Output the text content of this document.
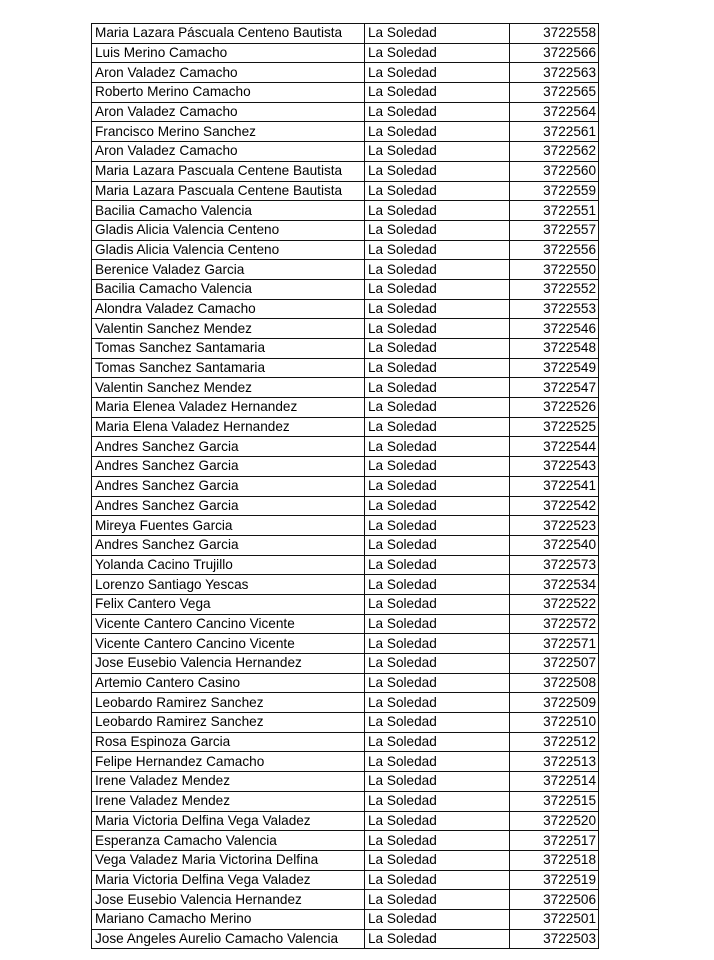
Maria Lazara Páscuala Centeno Bautista	La Soledad	3722558
Luis Merino Camacho	La Soledad	3722566
Aron Valadez Camacho	La Soledad	3722563
Roberto Merino Camacho	La Soledad	3722565
Aron Valadez Camacho	La Soledad	3722564
Francisco Merino Sanchez	La Soledad	3722561
Aron Valadez Camacho	La Soledad	3722562
Maria Lazara Pascuala Centene Bautista	La Soledad	3722560
Maria Lazara Pascuala Centene Bautista	La Soledad	3722559
Bacilia Camacho Valencia	La Soledad	3722551
Gladis Alicia Valencia Centeno	La Soledad	3722557
Gladis Alicia Valencia Centeno	La Soledad	3722556
Berenice Valadez Garcia	La Soledad	3722550
Bacilia Camacho Valencia	La Soledad	3722552
Alondra Valadez Camacho	La Soledad	3722553
Valentin Sanchez Mendez	La Soledad	3722546
Tomas Sanchez Santamaria	La Soledad	3722548
Tomas Sanchez Santamaria	La Soledad	3722549
Valentin Sanchez Mendez	La Soledad	3722547
Maria Elenea Valadez Hernandez	La Soledad	3722526
Maria Elena Valadez Hernandez	La Soledad	3722525
Andres Sanchez Garcia	La Soledad	3722544
Andres Sanchez Garcia	La Soledad	3722543
Andres Sanchez Garcia	La Soledad	3722541
Andres Sanchez Garcia	La Soledad	3722542
Mireya Fuentes Garcia	La Soledad	3722523
Andres Sanchez Garcia	La Soledad	3722540
Yolanda Cacino Trujillo	La Soledad	3722573
Lorenzo Santiago Yescas	La Soledad	3722534
Felix Cantero Vega	La Soledad	3722522
Vicente Cantero Cancino Vicente	La Soledad	3722572
Vicente Cantero Cancino Vicente	La Soledad	3722571
Jose Eusebio Valencia Hernandez	La Soledad	3722507
Artemio Cantero Casino	La Soledad	3722508
Leobardo Ramirez Sanchez	La Soledad	3722509
Leobardo Ramirez Sanchez	La Soledad	3722510
Rosa Espinoza Garcia	La Soledad	3722512
Felipe Hernandez Camacho	La Soledad	3722513
Irene Valadez Mendez	La Soledad	3722514
Irene Valadez Mendez	La Soledad	3722515
Maria Victoria Delfina Vega Valadez	La Soledad	3722520
Esperanza Camacho Valencia	La Soledad	3722517
Vega Valadez Maria Victorina Delfina	La Soledad	3722518
Maria Victoria Delfina Vega Valadez	La Soledad	3722519
Jose Eusebio Valencia Hernandez	La Soledad	3722506
Mariano Camacho Merino	La Soledad	3722501
Jose Angeles Aurelio Camacho Valencia	La Soledad	3722503
